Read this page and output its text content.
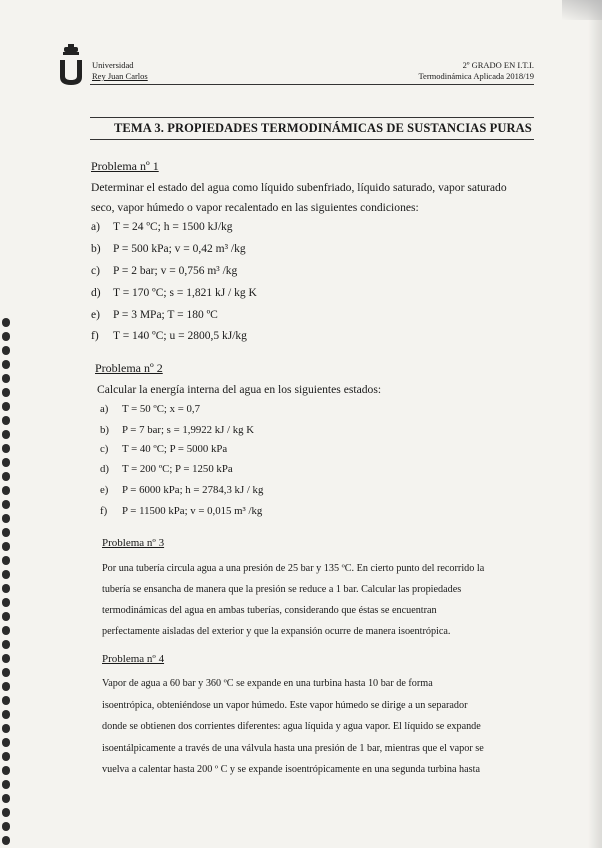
Universidad
Rey Juan Carlos
2º GRADO EN I.T.I.
Termodinámica Aplicada 2018/19
TEMA 3. PROPIEDADES TERMODINÁMICAS DE SUSTANCIAS PURAS
Problema nº 1
Determinar el estado del agua como líquido subenfriado, líquido saturado, vapor saturado
seco, vapor húmedo o vapor recalentado en las siguientes condiciones:
a) T = 24 ºC; h = 1500 kJ/kg
b) P = 500 kPa; v = 0,42 m³ /kg
c) P = 2 bar; v = 0,756 m³ /kg
d) T = 170 ºC; s = 1,821 kJ / kg K
e) P = 3 MPa; T = 180 ºC
f) T = 140 ºC; u = 2800,5 kJ/kg
Problema nº 2
Calcular la energía interna del agua en los siguientes estados:
a) T = 50 ºC; x = 0,7
b) P = 7 bar; s = 1,9922 kJ / kg K
c) T = 40 ºC; P = 5000 kPa
d) T = 200 ºC; P = 1250 kPa
e) P = 6000 kPa; h = 2784,3 kJ / kg
f) P = 11500 kPa; v = 0,015 m³ /kg
Problema nº 3
Por una tubería circula agua a una presión de 25 bar y 135 ºC. En cierto punto del recorrido la
tubería se ensancha de manera que la presión se reduce a 1 bar. Calcular las propiedades
termodinámicas del agua en ambas tuberías, considerando que éstas se encuentran
perfectamente aisladas del exterior y que la expansión ocurre de manera isoentrópica.
Problema nº 4
Vapor de agua a 60 bar y 360 ºC se expande en una turbina hasta 10 bar de forma
isoentrópica, obteniéndose un vapor húmedo. Este vapor húmedo se dirige a un separador
donde se obtienen dos corrientes diferentes: agua líquida y agua vapor. El líquido se expande
isoentálpicamente a través de una válvula hasta una presión de 1 bar, mientras que el vapor se
vuelva a calentar hasta 200 º C y se expande isoentrópicamente en una segunda turbina hasta
